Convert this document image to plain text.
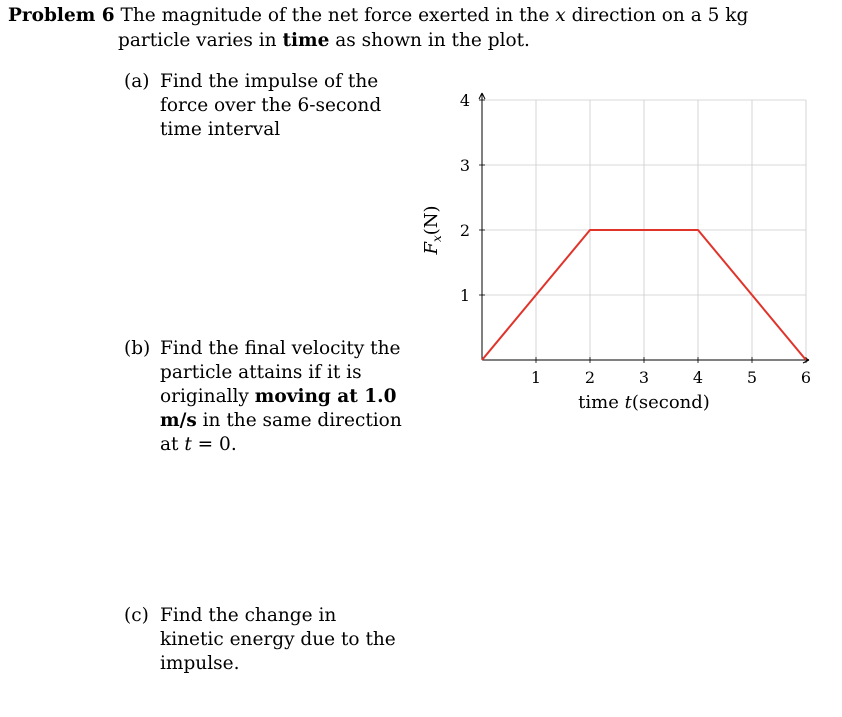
Problem 6 The magnitude of the net force exerted in the x direction on a 5 kg
particle varies in time as shown in the plot.
(a) Find the impulse of the force over the 6-second time interval
(b) Find the final velocity the particle attains if it is originally moving at 1.0 m/s in the same direction at t = 0.
(c) Find the change in kinetic energy due to the impulse.
1	2	3	4	5	6
1
2
3
4
time t(second)
$F_x(N)$
